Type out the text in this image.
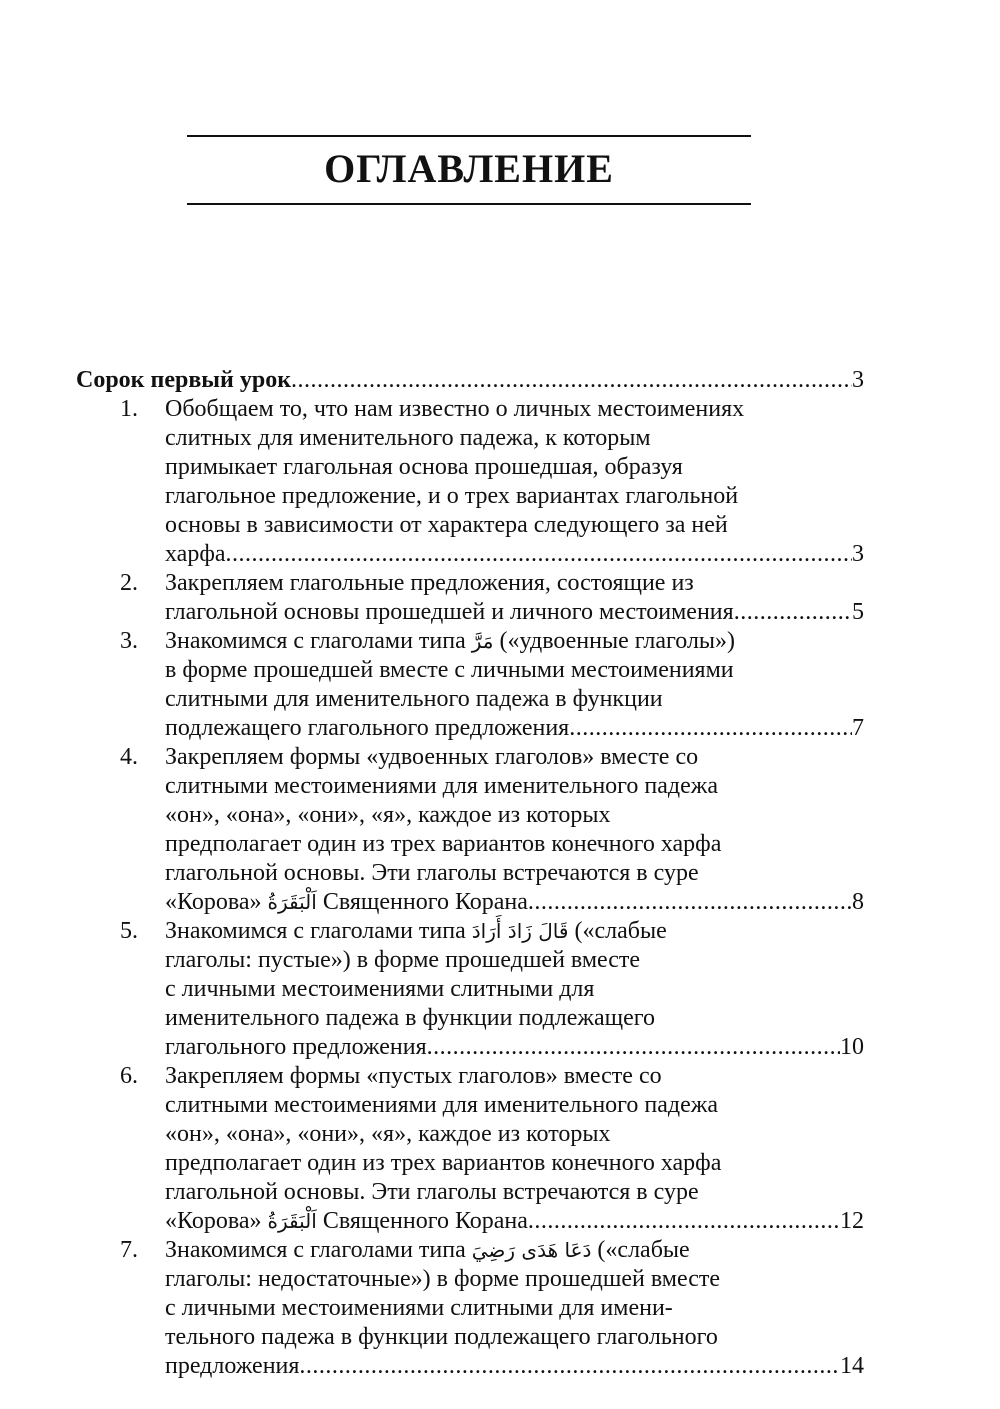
ОГЛАВЛЕНИЕ
Сорок первый урок .....	3
1.	Обобщаем то, что нам известно о личных местоимениях
слитных для именительного падежа, к которым
примыкает глагольная основа прошедшая, образуя
глагольное предложение, и о трех вариантах глагольной
основы в зависимости от характера следующего за ней
харфа .....	3
2.	Закрепляем глагольные предложения, состоящие из
глагольной основы прошедшей и личного местоимения .....	5
3.	Знакомимся с глаголами типа مَرَّ («удвоенные глаголы»)
в форме прошедшей вместе с личными местоимениями
слитными для именительного падежа в функции
подлежащего глагольного предложения .....	7
4.	Закрепляем формы «удвоенных глаголов» вместе со
слитными местоимениями для именительного падежа
«он», «она», «они», «я», каждое из которых
предполагает один из трех вариантов конечного харфа
глагольной основы. Эти глаголы встречаются в суре
«Корова» اَلْبَقَرَةُ Священного Корана .....	8
5.	Знакомимся с глаголами типа قَالَ زَادَ أَرَادَ («слабые
глаголы: пустые») в форме прошедшей вместе
с личными местоимениями слитными для
именительного падежа в функции подлежащего
глагольного предложения .....	10
6.	Закрепляем формы «пустых глаголов» вместе со
слитными местоимениями для именительного падежа
«он», «она», «они», «я», каждое из которых
предполагает один из трех вариантов конечного харфа
глагольной основы. Эти глаголы встречаются в суре
«Корова» اَلْبَقَرَةُ Священного Корана .....	12
7.	Знакомимся с глаголами типа دَعَا هَدَى رَضِيَ («слабые
глаголы: недостаточные») в форме прошедшей вместе
с личными местоимениями слитными для имени-
тельного падежа в функции подлежащего глагольного
предложения .....	14
